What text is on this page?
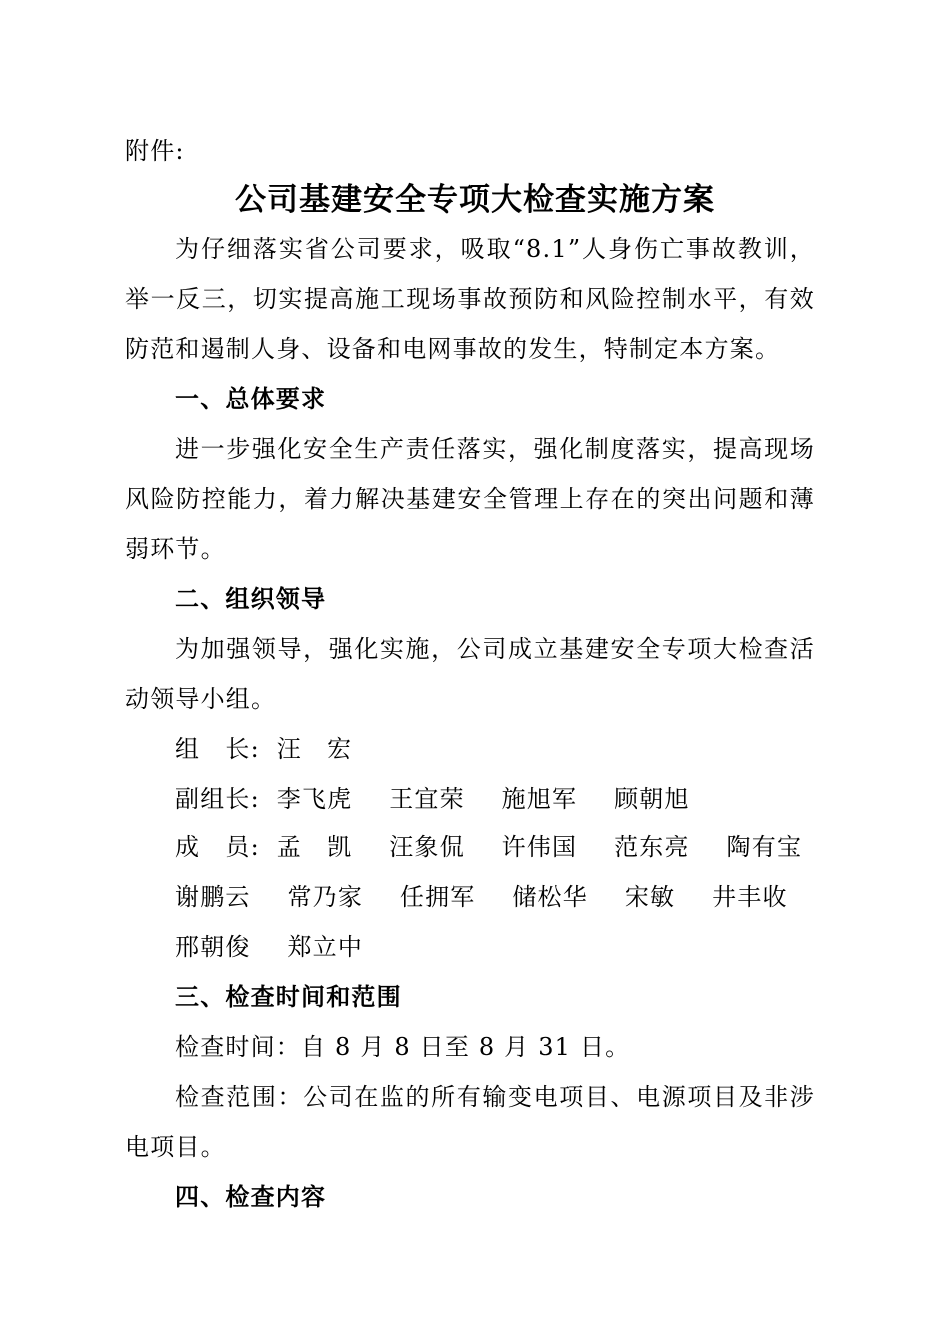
附件:
公司基建安全专项大检查实施方案
为仔细落实省公司要求，吸取“8.1”人身伤亡事故教训，
举一反三，切实提高施工现场事故预防和风险控制水平，有效
防范和遏制人身、设备和电网事故的发生，特制定本方案。
一、总体要求
进一步强化安全生产责任落实，强化制度落实，提高现场
风险防控能力，着力解决基建安全管理上存在的突出问题和薄
弱环节。
二、组织领导
为加强领导，强化实施，公司成立基建安全专项大检查活
动领导小组。
组　长: 汪　宏
副组长: 李飞虎 王宜荣 施旭军 顾朝旭
成　员: 孟　凯 汪象侃 许伟国 范东亮 陶有宝
谢鹏云 常乃家 任拥军 储松华 宋敏 井丰收
邢朝俊 郑立中
三、检查时间和范围
检查时间：自 8 月 8 日至 8 月 31 日。
检查范围：公司在监的所有输变电项目、电源项目及非涉
电项目。
四、检查内容
